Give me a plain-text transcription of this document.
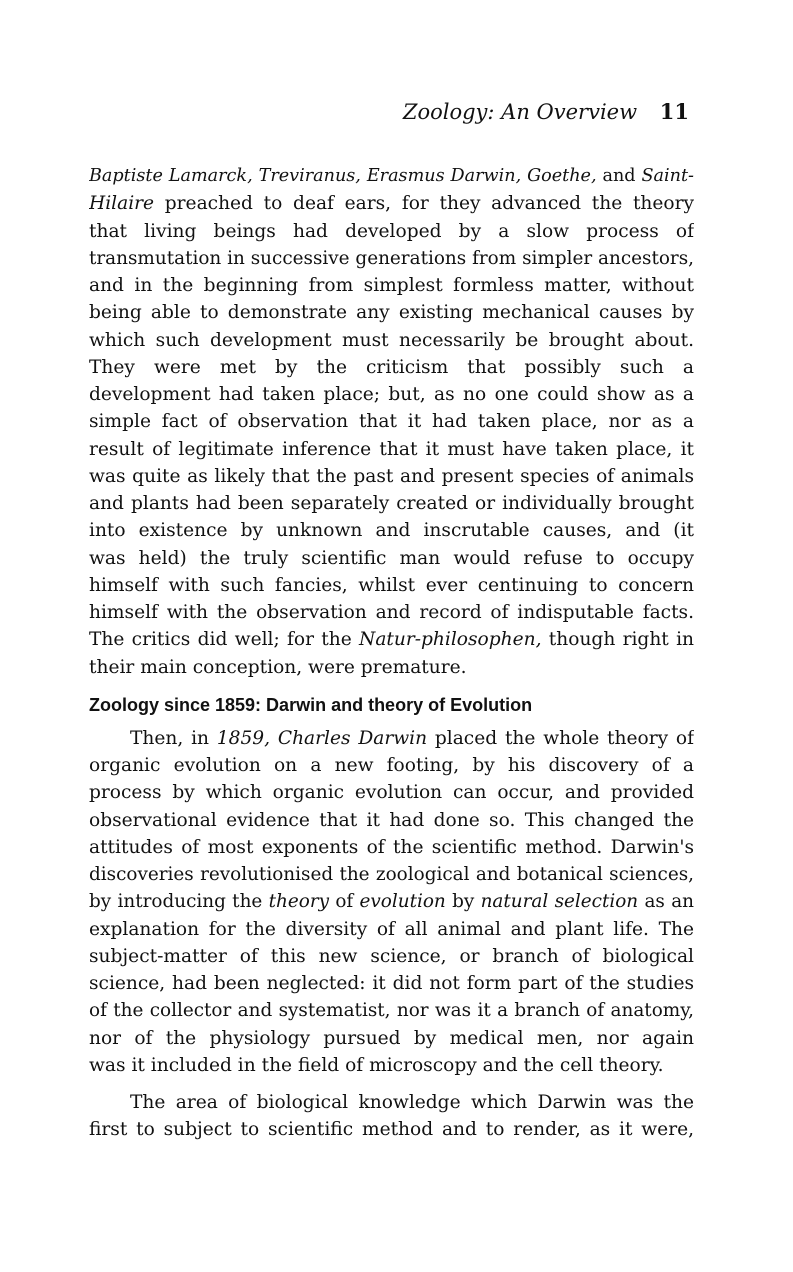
Zoology: An Overview 11

Baptiste Lamarck, Treviranus, Erasmus Darwin, Goethe, and Saint-
Hilaire preached to deaf ears, for they advanced the theory
that living beings had developed by a slow process of
transmutation in successive generations from simpler ancestors,
and in the beginning from simplest formless matter, without
being able to demonstrate any existing mechanical causes by
which such development must necessarily be brought about.
They were met by the criticism that possibly such a
development had taken place; but, as no one could show as a
simple fact of observation that it had taken place, nor as a
result of legitimate inference that it must have taken place, it
was quite as likely that the past and present species of animals
and plants had been separately created or individually brought
into existence by unknown and inscrutable causes, and (it
was held) the truly scientific man would refuse to occupy
himself with such fancies, whilst ever centinuing to concern
himself with the observation and record of indisputable facts.
The critics did well; for the Natur-philosophen, though right in
their main conception, were premature.

Zoology since 1859: Darwin and theory of Evolution

Then, in 1859, Charles Darwin placed the whole theory of
organic evolution on a new footing, by his discovery of a
process by which organic evolution can occur, and provided
observational evidence that it had done so. This changed the
attitudes of most exponents of the scientific method. Darwin's
discoveries revolutionised the zoological and botanical sciences,
by introducing the theory of evolution by natural selection as an
explanation for the diversity of all animal and plant life. The
subject-matter of this new science, or branch of biological
science, had been neglected: it did not form part of the studies
of the collector and systematist, nor was it a branch of anatomy,
nor of the physiology pursued by medical men, nor again
was it included in the field of microscopy and the cell theory.

The area of biological knowledge which Darwin was the
first to subject to scientific method and to render, as it were,
